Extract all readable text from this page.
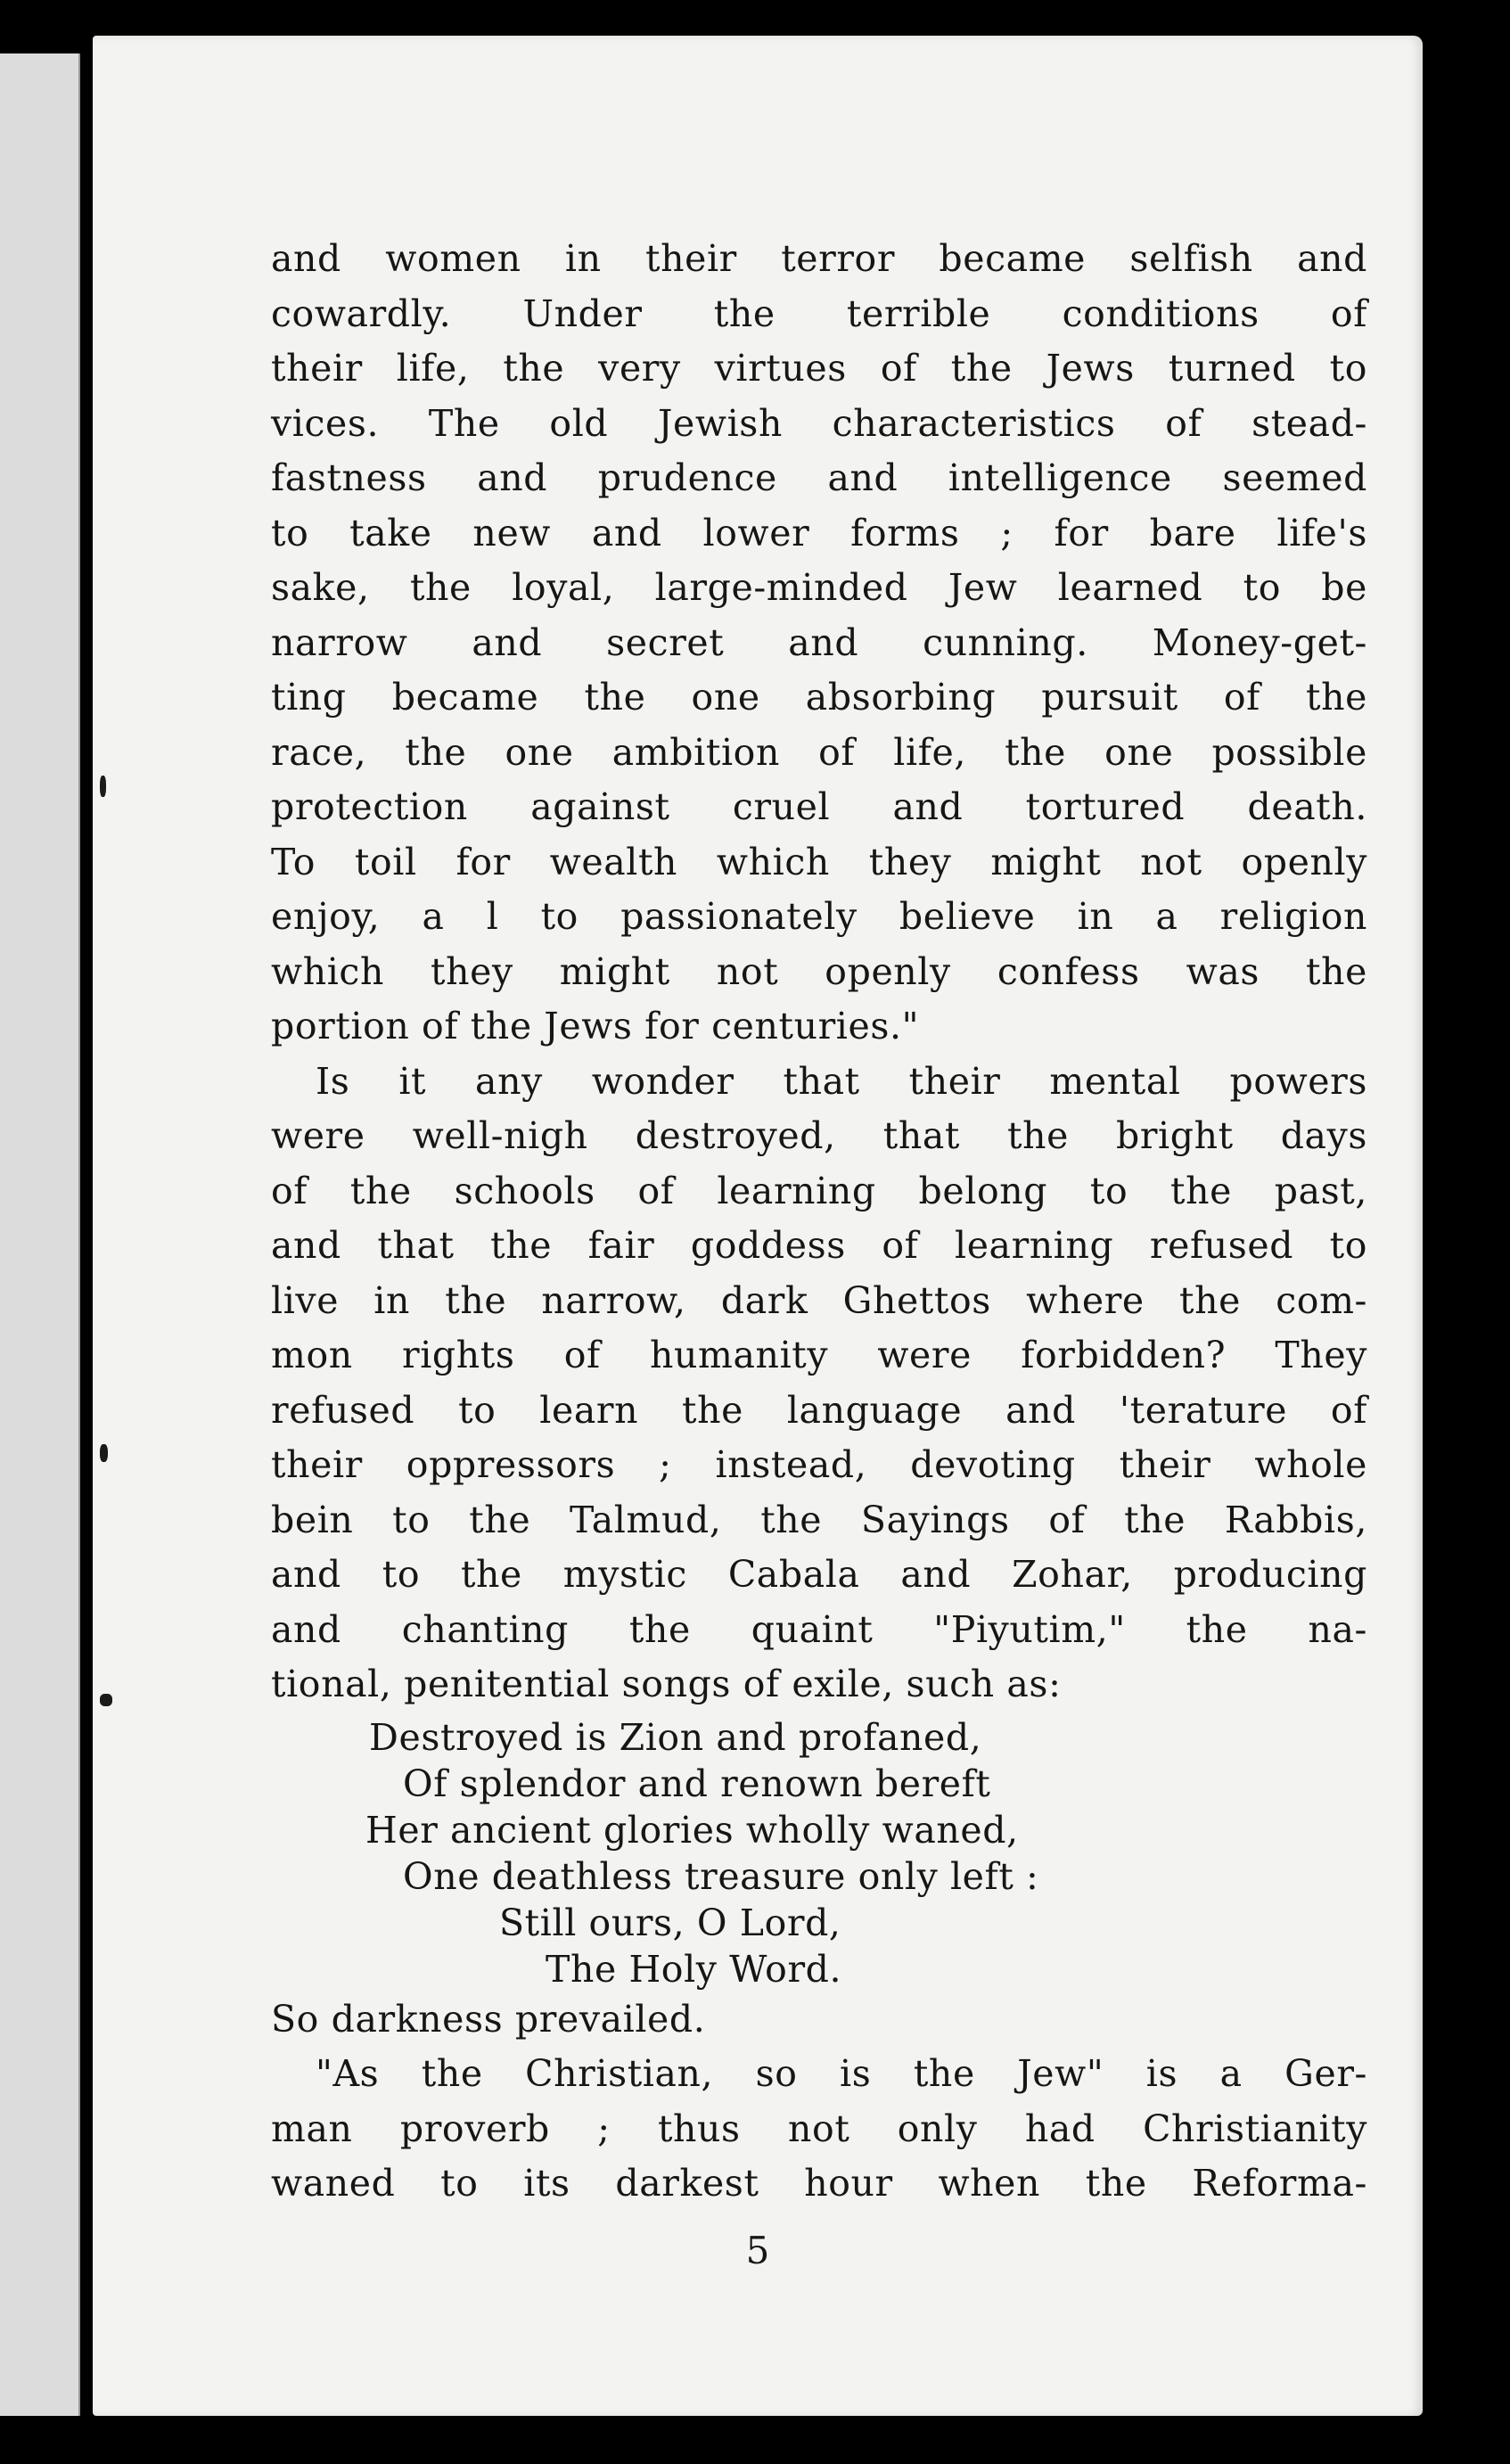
and women in their terror became selfish and
cowardly. Under the terrible conditions of
their life, the very virtues of the Jews turned to
vices. The old Jewish characteristics of stead-
fastness and prudence and intelligence seemed
to take new and lower forms ; for bare life's
sake, the loyal, large-minded Jew learned to be
narrow and secret and cunning. Money-get-
ting became the one absorbing pursuit of the
race, the one ambition of life, the one possible
protection against cruel and tortured death.
To toil for wealth which they might not openly
enjoy, a l to passionately believe in a religion
which they might not openly confess was the
portion of the Jews for centuries."
Is it any wonder that their mental powers
were well-nigh destroyed, that the bright days
of the schools of learning belong to the past,
and that the fair goddess of learning refused to
live in the narrow, dark Ghettos where the com-
mon rights of humanity were forbidden? They
refused to learn the language and 'terature of
their oppressors ; instead, devoting their whole
bein to the Talmud, the Sayings of the Rabbis,
and to the mystic Cabala and Zohar, producing
and chanting the quaint "Piyutim," the na-
tional, penitential songs of exile, such as:
Destroyed is Zion and profaned,
Of splendor and renown bereft
Her ancient glories wholly waned,
One deathless treasure only left :
Still ours, O Lord,
The Holy Word.
So darkness prevailed.
"As the Christian, so is the Jew" is a Ger-
man proverb ; thus not only had Christianity
waned to its darkest hour when the Reforma-
5
